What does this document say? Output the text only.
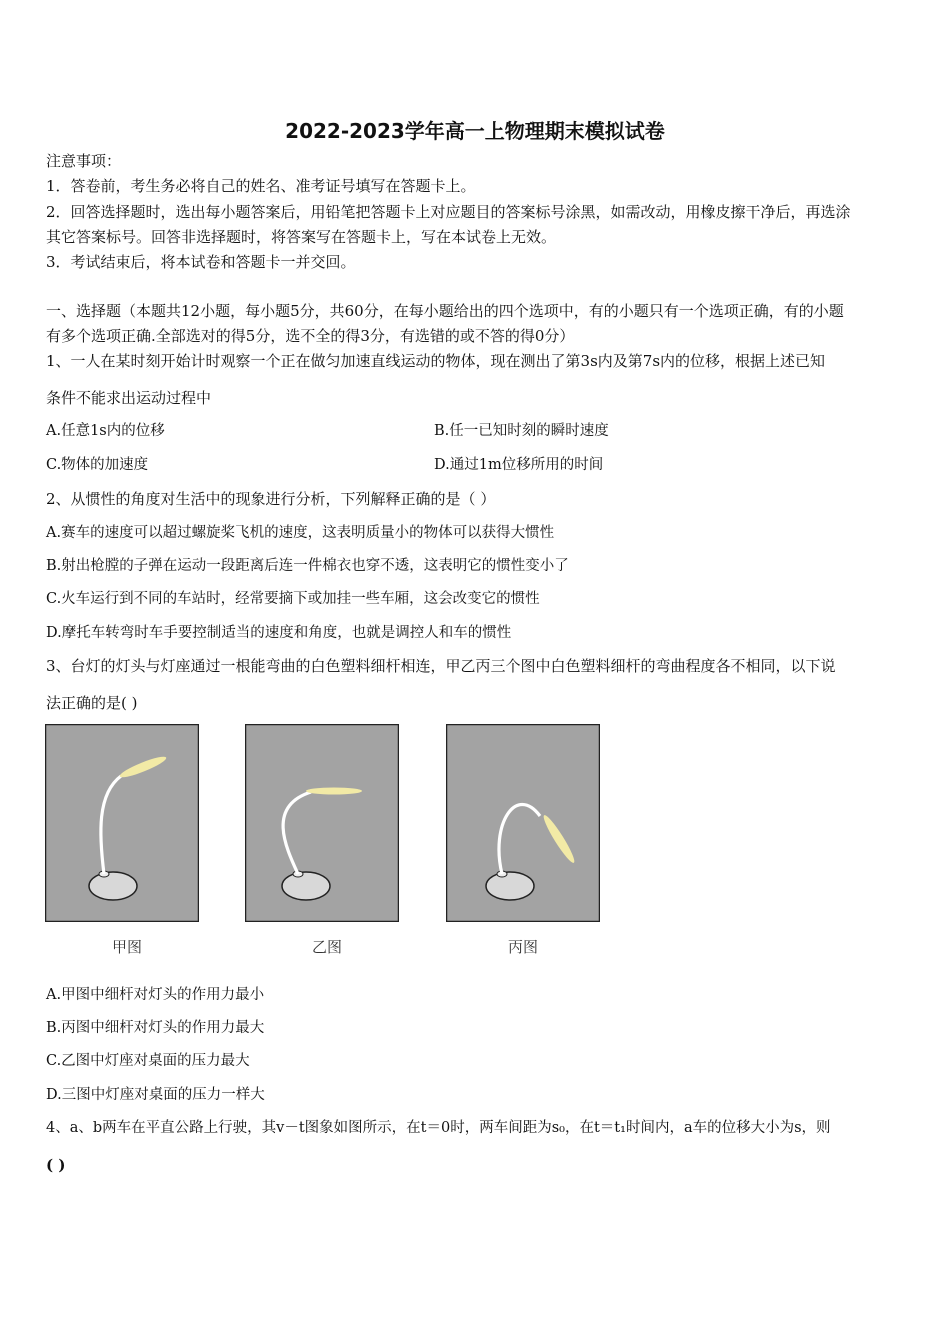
2022-2023学年高一上物理期末模拟试卷
注意事项：
1．答卷前，考生务必将自己的姓名、准考证号填写在答题卡上。
2．回答选择题时，选出每小题答案后，用铅笔把答题卡上对应题目的答案标号涂黑，如需改动，用橡皮擦干净后，再选涂
其它答案标号。回答非选择题时，将答案写在答题卡上，写在本试卷上无效。
3．考试结束后，将本试卷和答题卡一并交回。
一、选择题（本题共12小题，每小题5分，共60分，在每小题给出的四个选项中，有的小题只有一个选项正确，有的小题
有多个选项正确.全部选对的得5分，选不全的得3分，有选错的或不答的得0分）
1、一人在某时刻开始计时观察一个正在做匀加速直线运动的物体，现在测出了第3s内及第7s内的位移，根据上述已知
条件不能求出运动过程中
A.任意1s内的位移	B.任一已知时刻的瞬时速度
C.物体的加速度	D.通过1m位移所用的时间
2、从惯性的角度对生活中的现象进行分析，下列解释正确的是（ ）
A.赛车的速度可以超过螺旋桨飞机的速度，这表明质量小的物体可以获得大惯性
B.射出枪膛的子弹在运动一段距离后连一件棉衣也穿不透，这表明它的惯性变小了
C.火车运行到不同的车站时，经常要摘下或加挂一些车厢，这会改变它的惯性
D.摩托车转弯时车手要控制适当的速度和角度，也就是调控人和车的惯性
3、台灯的灯头与灯座通过一根能弯曲的白色塑料细杆相连，甲乙丙三个图中白色塑料细杆的弯曲程度各不相同，以下说
法正确的是( )
甲图	乙图	丙图
A.甲图中细杆对灯头的作用力最小
B.丙图中细杆对灯头的作用力最大
C.乙图中灯座对桌面的压力最大
D.三图中灯座对桌面的压力一样大
4、a、b两车在平直公路上行驶，其v－t图象如图所示，在t＝0时，两车间距为s₀，在t＝t₁时间内，a车的位移大小为s，则
( )
